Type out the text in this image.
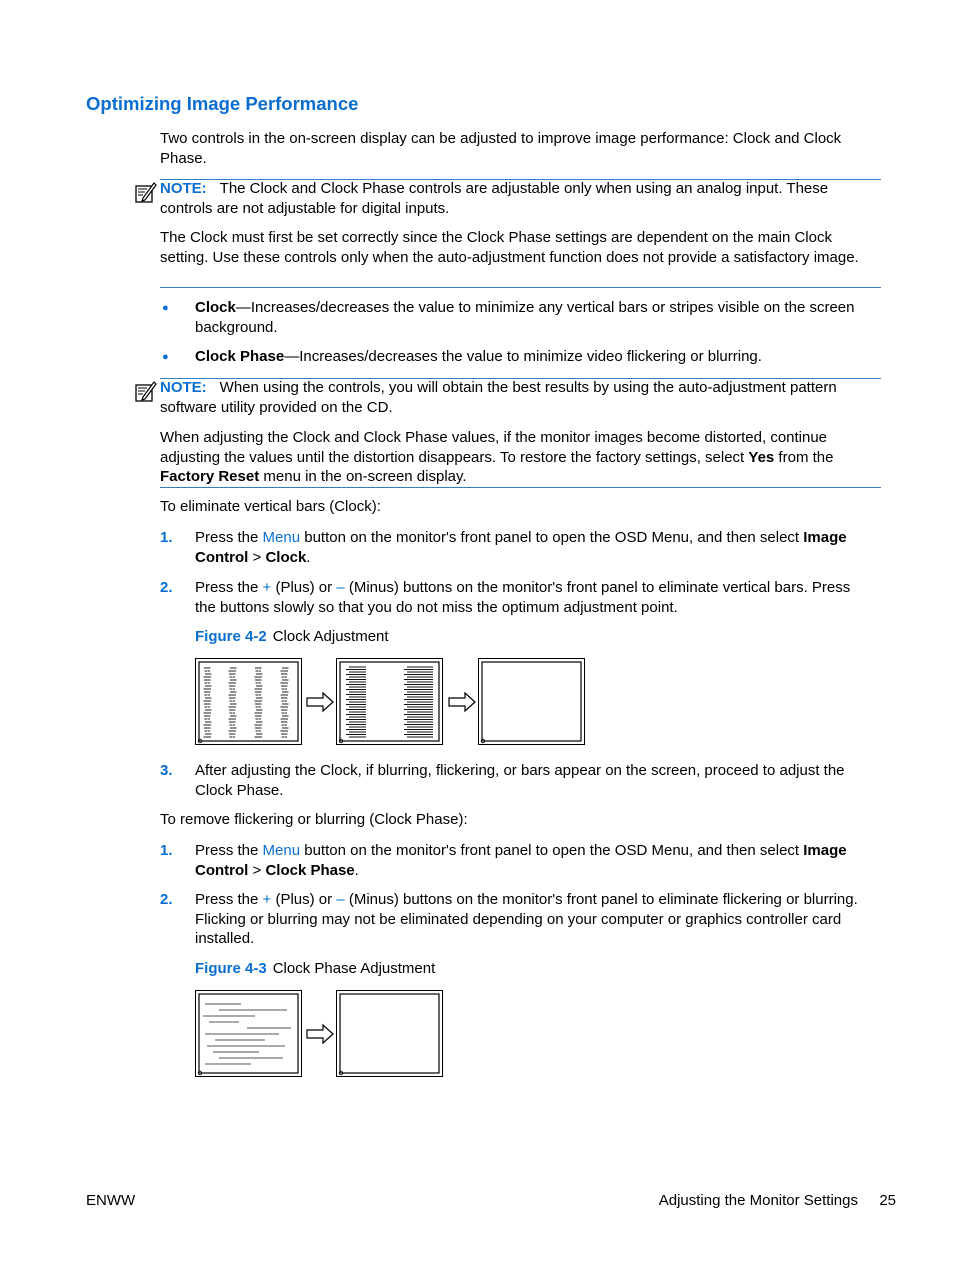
Optimizing Image Performance
Two controls in the on-screen display can be adjusted to improve image performance: Clock and Clock Phase.
NOTE: The Clock and Clock Phase controls are adjustable only when using an analog input. These controls are not adjustable for digital inputs.
The Clock must first be set correctly since the Clock Phase settings are dependent on the main Clock setting. Use these controls only when the auto-adjustment function does not provide a satisfactory image.
● Clock—Increases/decreases the value to minimize any vertical bars or stripes visible on the screen background.
● Clock Phase—Increases/decreases the value to minimize video flickering or blurring.
NOTE: When using the controls, you will obtain the best results by using the auto-adjustment pattern software utility provided on the CD.
When adjusting the Clock and Clock Phase values, if the monitor images become distorted, continue adjusting the values until the distortion disappears. To restore the factory settings, select Yes from the Factory Reset menu in the on-screen display.
To eliminate vertical bars (Clock):
1. Press the Menu button on the monitor's front panel to open the OSD Menu, and then select Image Control > Clock.
2. Press the + (Plus) or – (Minus) buttons on the monitor's front panel to eliminate vertical bars. Press the buttons slowly so that you do not miss the optimum adjustment point.
Figure 4-2 Clock Adjustment
3. After adjusting the Clock, if blurring, flickering, or bars appear on the screen, proceed to adjust the Clock Phase.
To remove flickering or blurring (Clock Phase):
1. Press the Menu button on the monitor's front panel to open the OSD Menu, and then select Image Control > Clock Phase.
2. Press the + (Plus) or – (Minus) buttons on the monitor's front panel to eliminate flickering or blurring. Flicking or blurring may not be eliminated depending on your computer or graphics controller card installed.
Figure 4-3 Clock Phase Adjustment
ENWW	Adjusting the Monitor Settings 25
